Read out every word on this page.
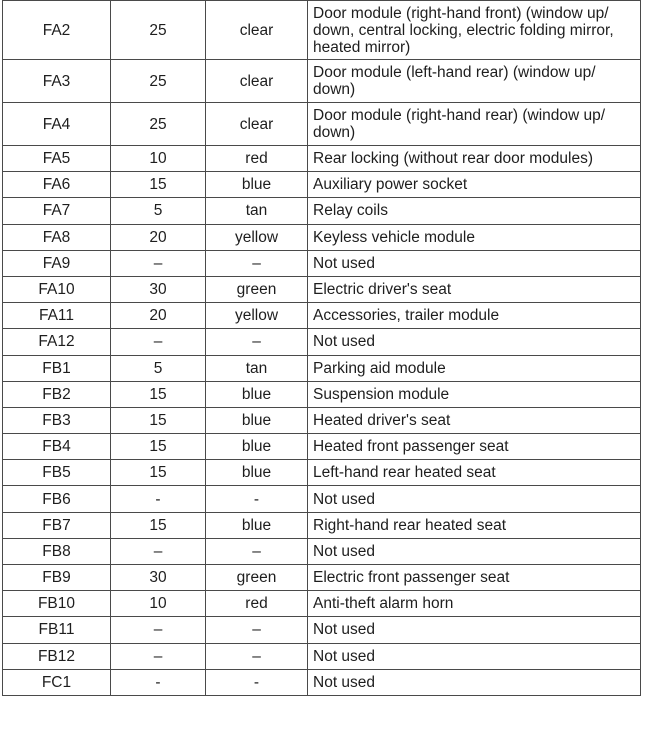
FA2	25	clear	Door module (right-hand front) (window up/ down, central locking, electric folding mirror, heated mirror)
FA3	25	clear	Door module (left-hand rear) (window up/ down)
FA4	25	clear	Door module (right-hand rear) (window up/ down)
FA5	10	red	Rear locking (without rear door modules)
FA6	15	blue	Auxiliary power socket
FA7	5	tan	Relay coils
FA8	20	yellow	Keyless vehicle module
FA9	–	–	Not used
FA10	30	green	Electric driver's seat
FA11	20	yellow	Accessories, trailer module
FA12	–	–	Not used
FB1	5	tan	Parking aid module
FB2	15	blue	Suspension module
FB3	15	blue	Heated driver's seat
FB4	15	blue	Heated front passenger seat
FB5	15	blue	Left-hand rear heated seat
FB6	-	-	Not used
FB7	15	blue	Right-hand rear heated seat
FB8	–	–	Not used
FB9	30	green	Electric front passenger seat
FB10	10	red	Anti-theft alarm horn
FB11	–	–	Not used
FB12	–	–	Not used
FC1	-	-	Not used
